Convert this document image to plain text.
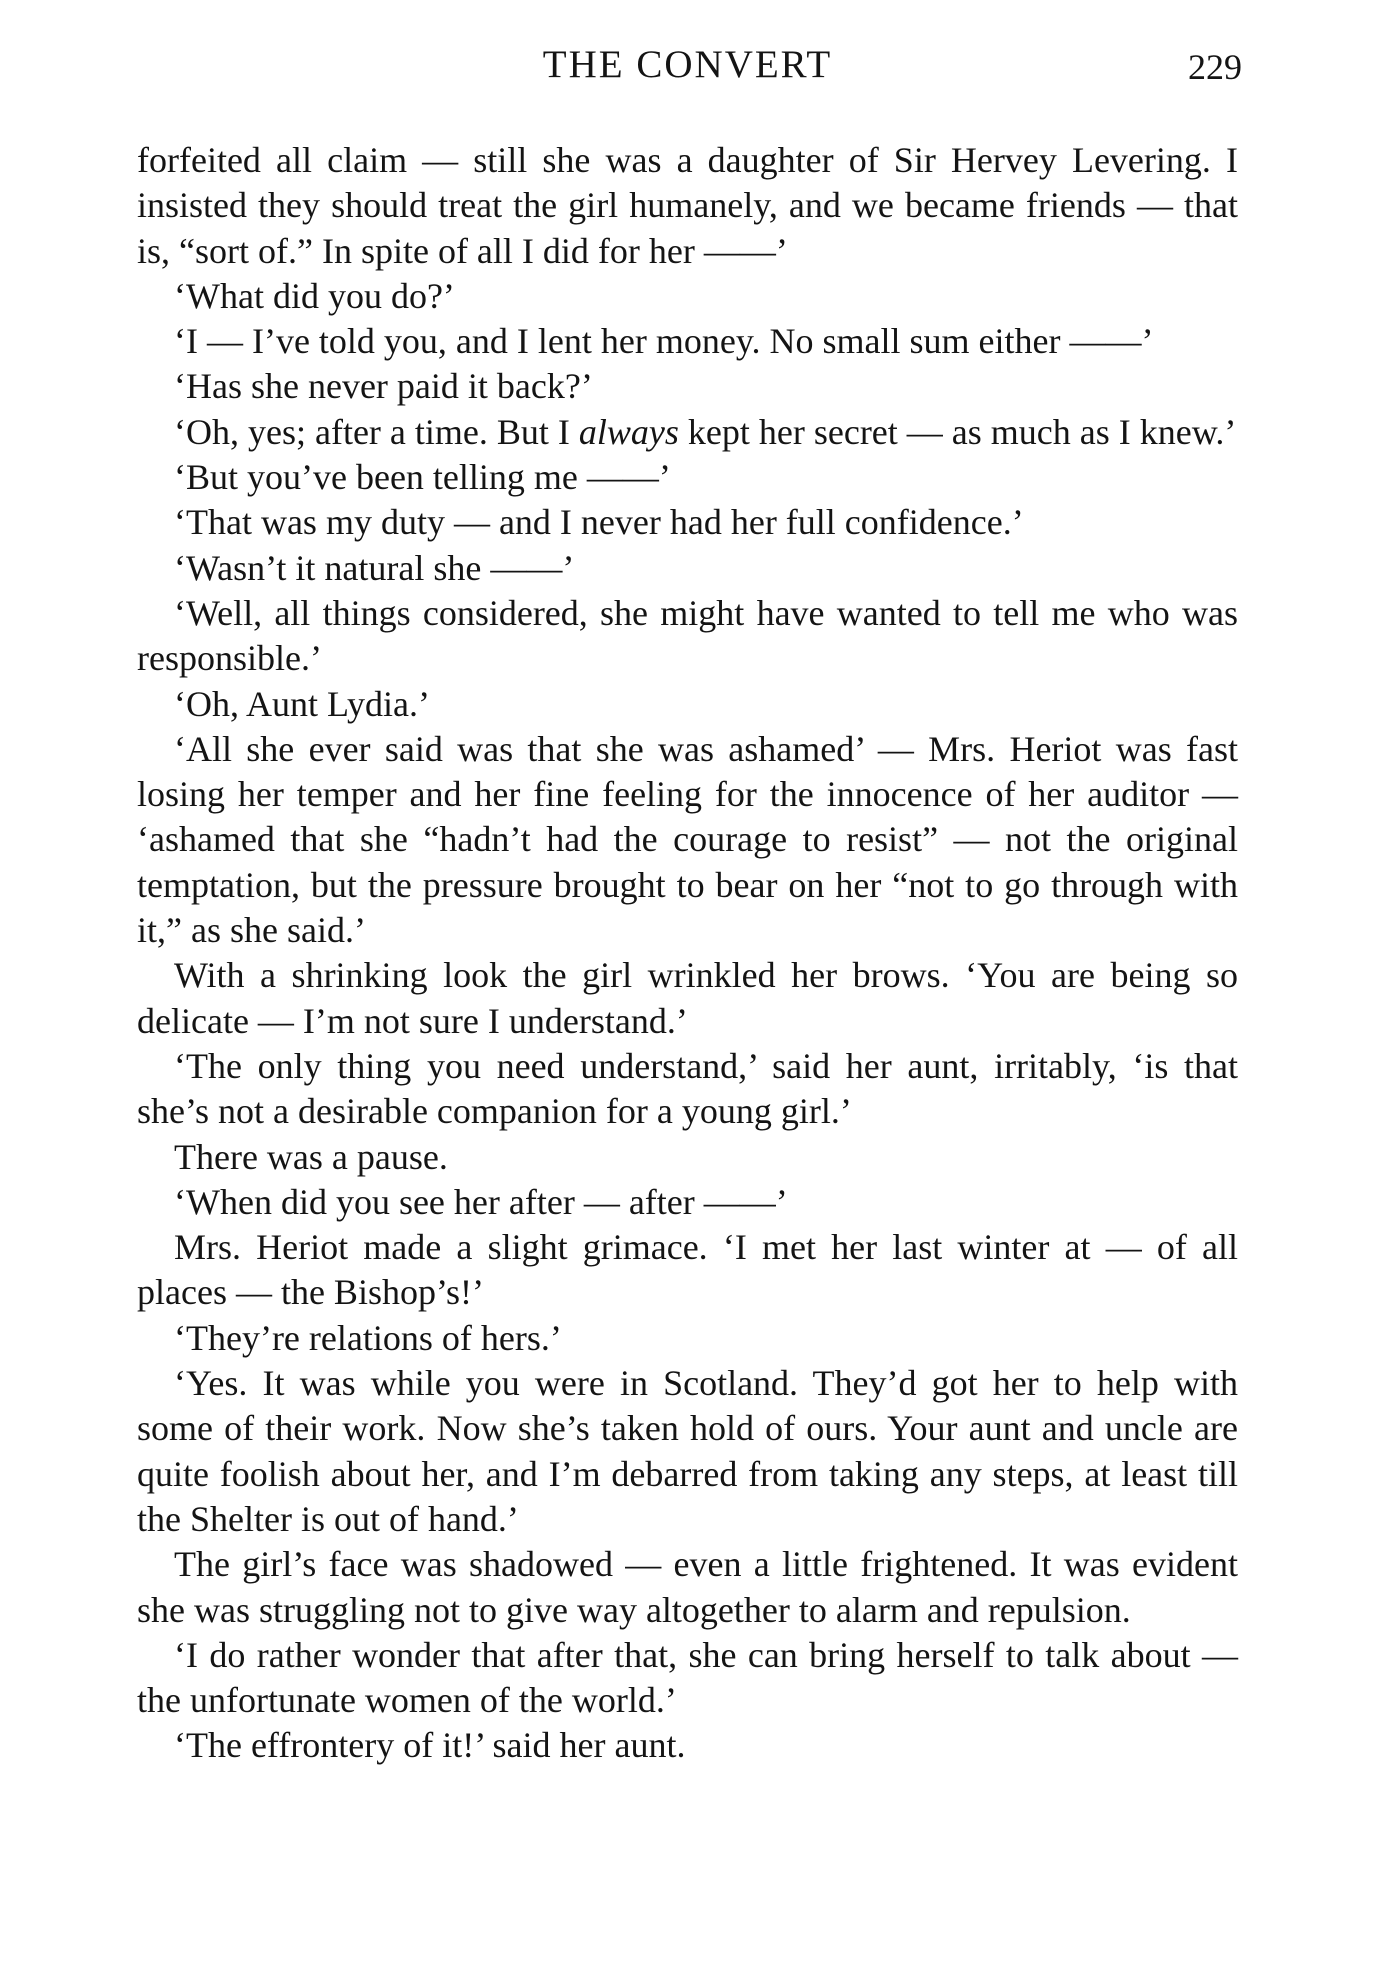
THE CONVERT	229

forfeited all claim — still she was a daughter of Sir Hervey Levering. I insisted they should treat the girl humanely, and we became friends — that is, “sort of.” In spite of all I did for her ——’

‘What did you do?’

‘I — I’ve told you, and I lent her money. No small sum either ——’

‘Has she never paid it back?’

‘Oh, yes; after a time. But I always kept her secret — as much as I knew.’

‘But you’ve been telling me ——’

‘That was my duty — and I never had her full confidence.’

‘Wasn’t it natural she ——’

‘Well, all things considered, she might have wanted to tell me who was responsible.’

‘Oh, Aunt Lydia.’

‘All she ever said was that she was ashamed’ — Mrs. Heriot was fast losing her temper and her fine feeling for the innocence of her auditor — ‘ashamed that she “hadn’t had the courage to resist” — not the original temptation, but the pressure brought to bear on her “not to go through with it,” as she said.’

With a shrinking look the girl wrinkled her brows. ‘You are being so delicate — I’m not sure I understand.’

‘The only thing you need understand,’ said her aunt, irritably, ‘is that she’s not a desirable companion for a young girl.’

There was a pause.

‘When did you see her after — after ——’

Mrs. Heriot made a slight grimace. ‘I met her last winter at — of all places — the Bishop’s!’

‘They’re relations of hers.’

‘Yes. It was while you were in Scotland. They’d got her to help with some of their work. Now she’s taken hold of ours. Your aunt and uncle are quite foolish about her, and I’m debarred from taking any steps, at least till the Shelter is out of hand.’

The girl’s face was shadowed — even a little frightened. It was evident she was struggling not to give way altogether to alarm and repulsion.

‘I do rather wonder that after that, she can bring herself to talk about — the unfortunate women of the world.’

‘The effrontery of it!’ said her aunt.
